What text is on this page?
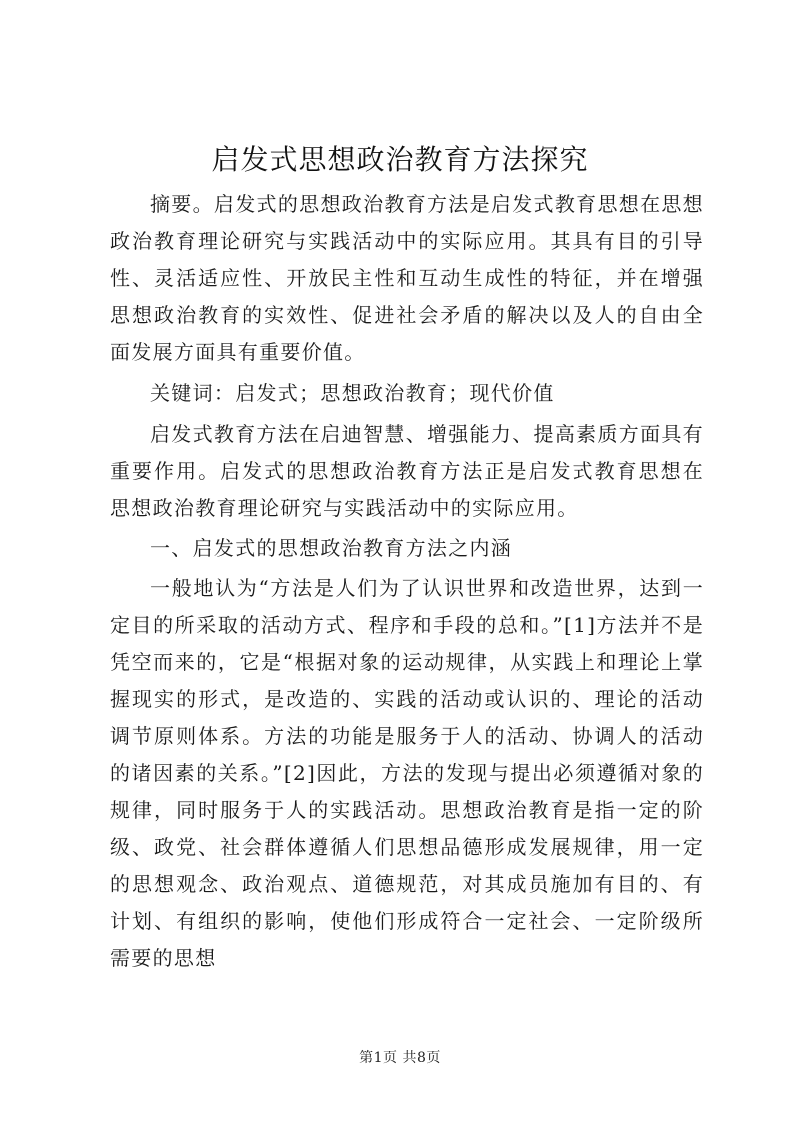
启发式思想政治教育方法探究

摘要。启发式的思想政治教育方法是启发式教育思想在思想政治教育理论研究与实践活动中的实际应用。其具有目的引导性、灵活适应性、开放民主性和互动生成性的特征，并在增强思想政治教育的实效性、促进社会矛盾的解决以及人的自由全面发展方面具有重要价值。

关键词：启发式；思想政治教育；现代价值

启发式教育方法在启迪智慧、增强能力、提高素质方面具有重要作用。启发式的思想政治教育方法正是启发式教育思想在思想政治教育理论研究与实践活动中的实际应用。

一、启发式的思想政治教育方法之内涵

一般地认为“方法是人们为了认识世界和改造世界，达到一定目的所采取的活动方式、程序和手段的总和。”[1]方法并不是凭空而来的，它是“根据对象的运动规律，从实践上和理论上掌握现实的形式，是改造的、实践的活动或认识的、理论的活动调节原则体系。方法的功能是服务于人的活动、协调人的活动的诸因素的关系。”[2]因此，方法的发现与提出必须遵循对象的规律，同时服务于人的实践活动。思想政治教育是指一定的阶级、政党、社会群体遵循人们思想品德形成发展规律，用一定的思想观念、政治观点、道德规范，对其成员施加有目的、有计划、有组织的影响，使他们形成符合一定社会、一定阶级所需要的思想

第1页 共8页
